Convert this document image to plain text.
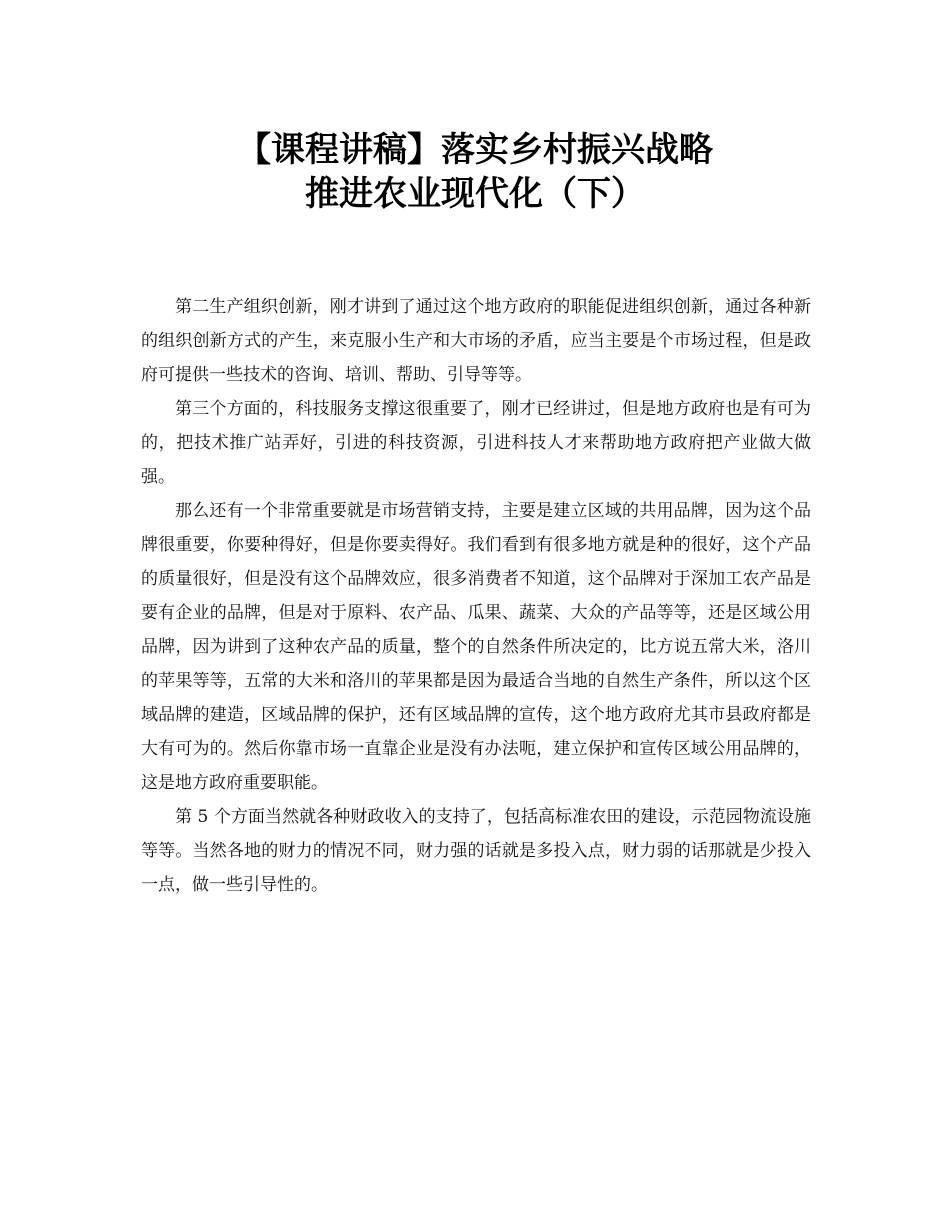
【课程讲稿】落实乡村振兴战略
推进农业现代化（下）

第二生产组织创新，刚才讲到了通过这个地方政府的职能促进组织创新，通过各种新的组织创新方式的产生，来克服小生产和大市场的矛盾，应当主要是个市场过程，但是政府可提供一些技术的咨询、培训、帮助、引导等等。

第三个方面的，科技服务支撑这很重要了，刚才已经讲过，但是地方政府也是有可为的，把技术推广站弄好，引进的科技资源，引进科技人才来帮助地方政府把产业做大做强。

那么还有一个非常重要就是市场营销支持，主要是建立区域的共用品牌，因为这个品牌很重要，你要种得好，但是你要卖得好。我们看到有很多地方就是种的很好，这个产品的质量很好，但是没有这个品牌效应，很多消费者不知道，这个品牌对于深加工农产品是要有企业的品牌，但是对于原料、农产品、瓜果、蔬菜、大众的产品等等，还是区域公用品牌，因为讲到了这种农产品的质量，整个的自然条件所决定的，比方说五常大米，洛川的苹果等等，五常的大米和洛川的苹果都是因为最适合当地的自然生产条件，所以这个区域品牌的建造，区域品牌的保护，还有区域品牌的宣传，这个地方政府尤其市县政府都是大有可为的。然后你靠市场一直靠企业是没有办法呃，建立保护和宣传区域公用品牌的，这是地方政府重要职能。

第 5 个方面当然就各种财政收入的支持了，包括高标准农田的建设，示范园物流设施等等。当然各地的财力的情况不同，财力强的话就是多投入点，财力弱的话那就是少投入一点，做一些引导性的。
